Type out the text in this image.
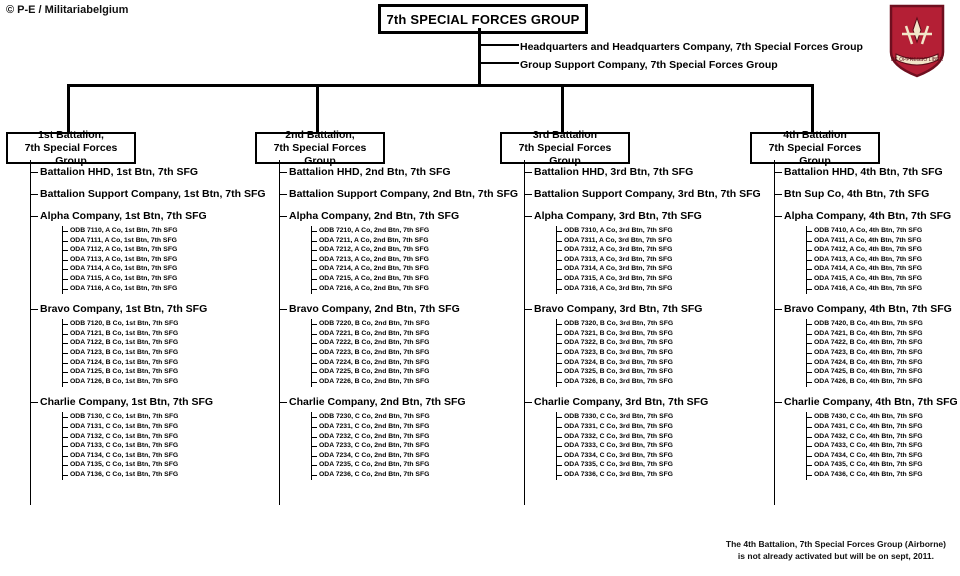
© P-E / Militariabelgium
7th SPECIAL FORCES GROUP
Headquarters and Headquarters Company, 7th Special Forces Group
Group Support Company, 7th Special Forces Group	DE OPPRESSO LIBER
1st Battalion,
7th Special Forces Group
Battalion HHD, 1st Btn, 7th SFG
Battalion Support Company, 1st Btn, 7th SFG
Alpha Company, 1st Btn, 7th SFG
ODB 7110, A Co, 1st Btn, 7th SFG
ODA 7111, A Co, 1st Btn, 7th SFG
ODA 7112, A Co, 1st Btn, 7th SFG
ODA 7113, A Co, 1st Btn, 7th SFG
ODA 7114, A Co, 1st Btn, 7th SFG
ODA 7115, A Co, 1st Btn, 7th SFG
ODA 7116, A Co, 1st Btn, 7th SFG
Bravo Company, 1st Btn, 7th SFG
ODB 7120, B Co, 1st Btn, 7th SFG
ODA 7121, B Co, 1st Btn, 7th SFG
ODA 7122, B Co, 1st Btn, 7th SFG
ODA 7123, B Co, 1st Btn, 7th SFG
ODA 7124, B Co, 1st Btn, 7th SFG
ODA 7125, B Co, 1st Btn, 7th SFG
ODA 7126, B Co, 1st Btn, 7th SFG
Charlie Company, 1st Btn, 7th SFG
ODB 7130, C Co, 1st Btn, 7th SFG
ODA 7131, C Co, 1st Btn, 7th SFG
ODA 7132, C Co, 1st Btn, 7th SFG
ODA 7133, C Co, 1st Btn, 7th SFG
ODA 7134, C Co, 1st Btn, 7th SFG
ODA 7135, C Co, 1st Btn, 7th SFG
ODA 7136, C Co, 1st Btn, 7th SFG
2nd Battalion,
7th Special Forces Group
Battalion HHD, 2nd Btn, 7th SFG
Battalion Support Company, 2nd Btn, 7th SFG
Alpha Company, 2nd Btn, 7th SFG
ODB 7210, A Co, 2nd Btn, 7th SFG
ODA 7211, A Co, 2nd Btn, 7th SFG
ODA 7212, A Co, 2nd Btn, 7th SFG
ODA 7213, A Co, 2nd Btn, 7th SFG
ODA 7214, A Co, 2nd Btn, 7th SFG
ODA 7215, A Co, 2nd Btn, 7th SFG
ODA 7216, A Co, 2nd Btn, 7th SFG
Bravo Company, 2nd Btn, 7th SFG
ODB 7220, B Co, 2nd Btn, 7th SFG
ODA 7221, B Co, 2nd Btn, 7th SFG
ODA 7222, B Co, 2nd Btn, 7th SFG
ODA 7223, B Co, 2nd Btn, 7th SFG
ODA 7224, B Co, 2nd Btn, 7th SFG
ODA 7225, B Co, 2nd Btn, 7th SFG
ODA 7226, B Co, 2nd Btn, 7th SFG
Charlie Company, 2nd Btn, 7th SFG
ODB 7230, C Co, 2nd Btn, 7th SFG
ODA 7231, C Co, 2nd Btn, 7th SFG
ODA 7232, C Co, 2nd Btn, 7th SFG
ODA 7233, C Co, 2nd Btn, 7th SFG
ODA 7234, C Co, 2nd Btn, 7th SFG
ODA 7235, C Co, 2nd Btn, 7th SFG
ODA 7236, C Co, 2nd Btn, 7th SFG
3rd Battalion
7th Special Forces Group
Battalion HHD, 3rd Btn, 7th SFG
Battalion Support Company, 3rd Btn, 7th SFG
Alpha Company, 3rd Btn, 7th SFG
ODB 7310, A Co, 3rd Btn, 7th SFG
ODA 7311, A Co, 3rd Btn, 7th SFG
ODA 7312, A Co, 3rd Btn, 7th SFG
ODA 7313, A Co, 3rd Btn, 7th SFG
ODA 7314, A Co, 3rd Btn, 7th SFG
ODA 7315, A Co, 3rd Btn, 7th SFG
ODA 7316, A Co, 3rd Btn, 7th SFG
Bravo Company, 3rd Btn, 7th SFG
ODB 7320, B Co, 3rd Btn, 7th SFG
ODA 7321, B Co, 3rd Btn, 7th SFG
ODA 7322, B Co, 3rd Btn, 7th SFG
ODA 7323, B Co, 3rd Btn, 7th SFG
ODA 7324, B Co, 3rd Btn, 7th SFG
ODA 7325, B Co, 3rd Btn, 7th SFG
ODA 7326, B Co, 3rd Btn, 7th SFG
Charlie Company, 3rd Btn, 7th SFG
ODB 7330, C Co, 3rd Btn, 7th SFG
ODA 7331, C Co, 3rd Btn, 7th SFG
ODA 7332, C Co, 3rd Btn, 7th SFG
ODA 7333, C Co, 3rd Btn, 7th SFG
ODA 7334, C Co, 3rd Btn, 7th SFG
ODA 7335, C Co, 3rd Btn, 7th SFG
ODA 7336, C Co, 3rd Btn, 7th SFG
4th Battalion
7th Special Forces Group
Battalion HHD, 4th Btn, 7th SFG
Btn Sup Co, 4th Btn, 7th SFG
Alpha Company, 4th Btn, 7th SFG
ODB 7410, A Co, 4th Btn, 7th SFG
ODA 7411, A Co, 4th Btn, 7th SFG
ODA 7412, A Co, 4th Btn, 7th SFG
ODA 7413, A Co, 4th Btn, 7th SFG
ODA 7414, A Co, 4th Btn, 7th SFG
ODA 7415, A Co, 4th Btn, 7th SFG
ODA 7416, A Co, 4th Btn, 7th SFG
Bravo Company, 4th Btn, 7th SFG
ODB 7420, B Co, 4th Btn, 7th SFG
ODA 7421, B Co, 4th Btn, 7th SFG
ODA 7422, B Co, 4th Btn, 7th SFG
ODA 7423, B Co, 4th Btn, 7th SFG
ODA 7424, B Co, 4th Btn, 7th SFG
ODA 7425, B Co, 4th Btn, 7th SFG
ODA 7426, B Co, 4th Btn, 7th SFG
Charlie Company, 4th Btn, 7th SFG
ODB 7430, C Co, 4th Btn, 7th SFG
ODA 7431, C Co, 4th Btn, 7th SFG
ODA 7432, C Co, 4th Btn, 7th SFG
ODA 7433, C Co, 4th Btn, 7th SFG
ODA 7434, C Co, 4th Btn, 7th SFG
ODA 7435, C Co, 4th Btn, 7th SFG
ODA 7436, C Co, 4th Btn, 7th SFG
The 4th Battalion, 7th Special Forces Group (Airborne)
is not already activated but will be on sept, 2011.
